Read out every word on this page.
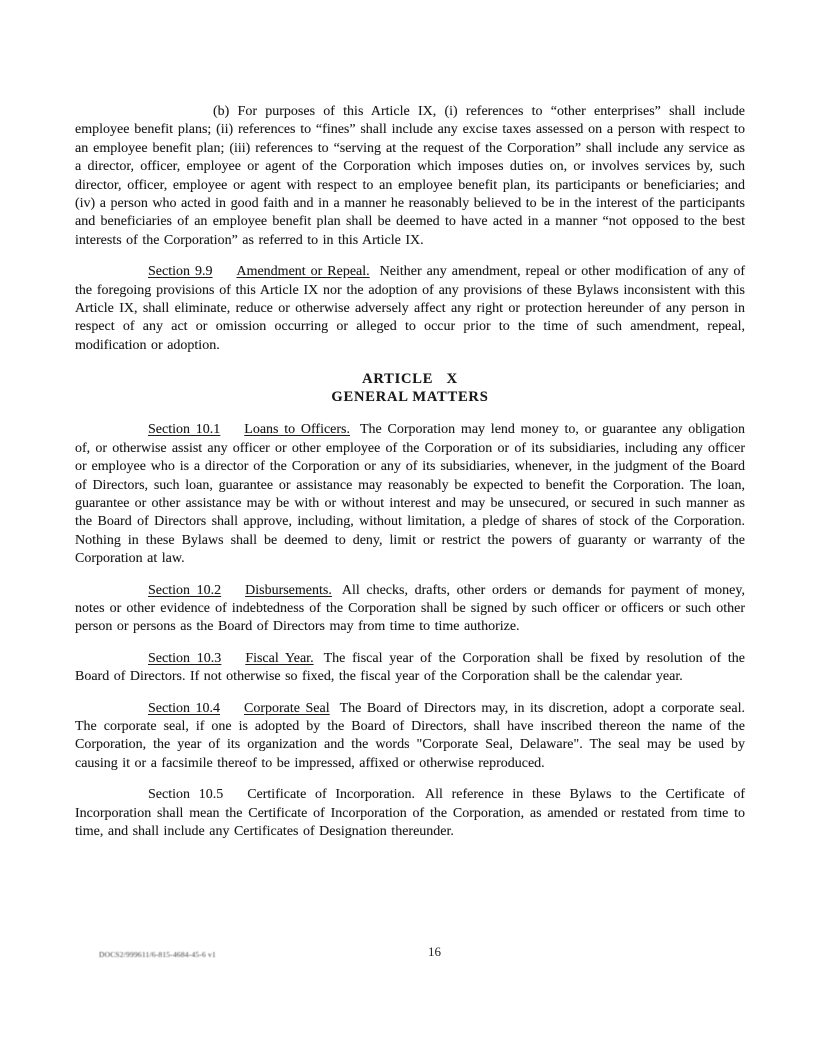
(b) For purposes of this Article IX, (i) references to “other enterprises” shall include employee benefit plans; (ii) references to “fines” shall include any excise taxes assessed on a person with respect to an employee benefit plan; (iii) references to “serving at the request of the Corporation” shall include any service as a director, officer, employee or agent of the Corporation which imposes duties on, or involves services by, such director, officer, employee or agent with respect to an employee benefit plan, its participants or beneficiaries; and (iv) a person who acted in good faith and in a manner he reasonably believed to be in the interest of the participants and beneficiaries of an employee benefit plan shall be deemed to have acted in a manner “not opposed to the best interests of the Corporation” as referred to in this Article IX.

Section 9.9 Amendment or Repeal. Neither any amendment, repeal or other modification of any of the foregoing provisions of this Article IX nor the adoption of any provisions of these Bylaws inconsistent with this Article IX, shall eliminate, reduce or otherwise adversely affect any right or protection hereunder of any person in respect of any act or omission occurring or alleged to occur prior to the time of such amendment, repeal, modification or adoption.

ARTICLE X
GENERAL MATTERS

Section 10.1 Loans to Officers. The Corporation may lend money to, or guarantee any obligation of, or otherwise assist any officer or other employee of the Corporation or of its subsidiaries, including any officer or employee who is a director of the Corporation or any of its subsidiaries, whenever, in the judgment of the Board of Directors, such loan, guarantee or assistance may reasonably be expected to benefit the Corporation. The loan, guarantee or other assistance may be with or without interest and may be unsecured, or secured in such manner as the Board of Directors shall approve, including, without limitation, a pledge of shares of stock of the Corporation. Nothing in these Bylaws shall be deemed to deny, limit or restrict the powers of guaranty or warranty of the Corporation at law.

Section 10.2 Disbursements. All checks, drafts, other orders or demands for payment of money, notes or other evidence of indebtedness of the Corporation shall be signed by such officer or officers or such other person or persons as the Board of Directors may from time to time authorize.

Section 10.3 Fiscal Year. The fiscal year of the Corporation shall be fixed by resolution of the Board of Directors. If not otherwise so fixed, the fiscal year of the Corporation shall be the calendar year.

Section 10.4 Corporate Seal The Board of Directors may, in its discretion, adopt a corporate seal. The corporate seal, if one is adopted by the Board of Directors, shall have inscribed thereon the name of the Corporation, the year of its organization and the words "Corporate Seal, Delaware". The seal may be used by causing it or a facsimile thereof to be impressed, affixed or otherwise reproduced.

Section 10.5 Certificate of Incorporation. All reference in these Bylaws to the Certificate of Incorporation shall mean the Certificate of Incorporation of the Corporation, as amended or restated from time to time, and shall include any Certificates of Designation thereunder.

DOCS2/999611/6-815-4684-45-6 v1	16
